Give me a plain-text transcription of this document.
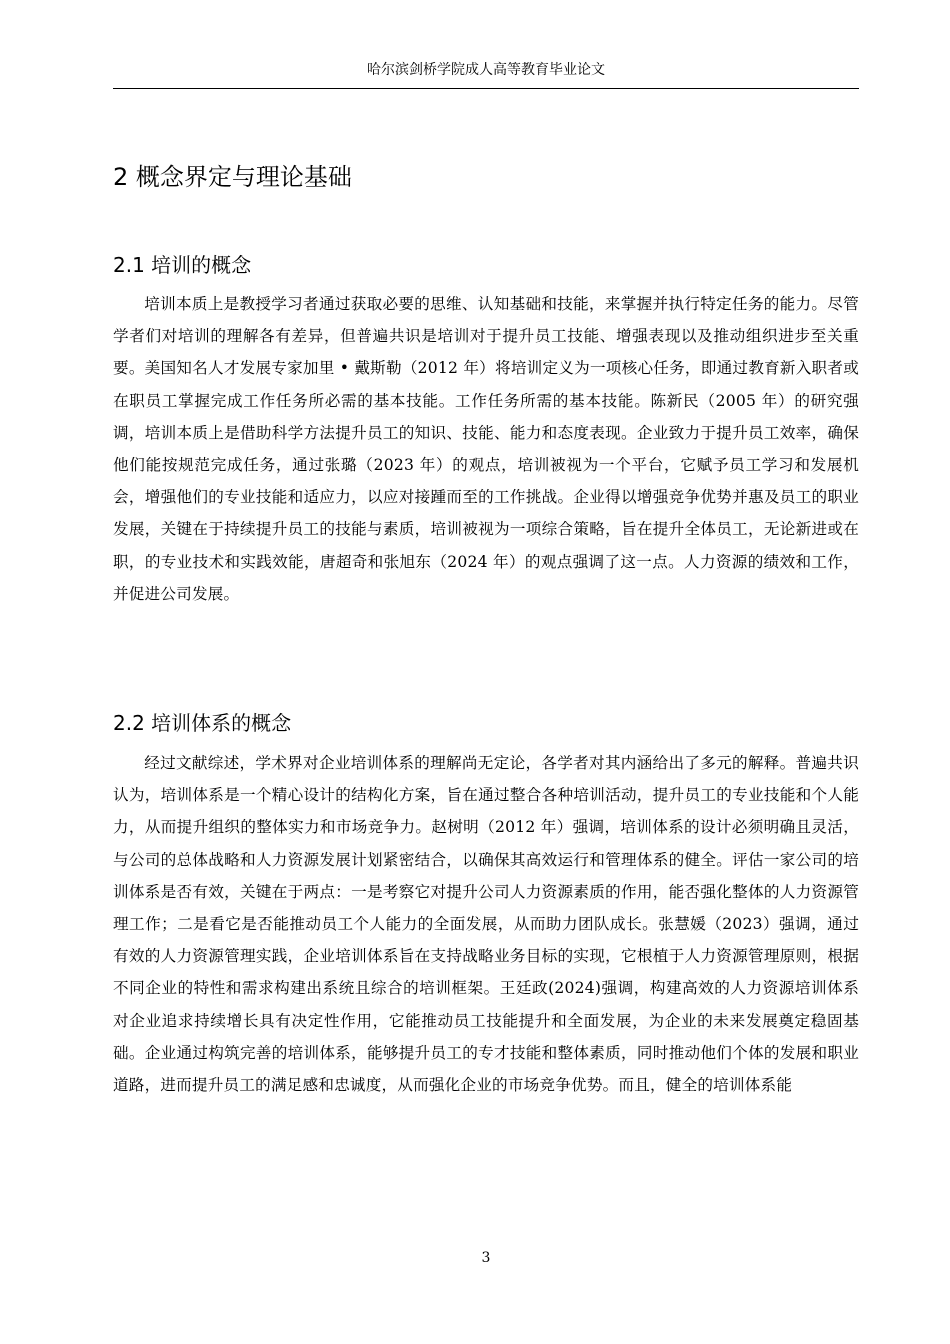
哈尔滨剑桥学院成人高等教育毕业论文
2 概念界定与理论基础
2.1 培训的概念

培训本质上是教授学习者通过获取必要的思维、认知基础和技能，来掌握并执行特定任务的能力。尽管学者们对培训的理解各有差异，但普遍共识是培训对于提升员工技能、增强表现以及推动组织进步至关重要。美国知名人才发展专家加里 • 戴斯勒（2012 年）将培训定义为一项核心任务，即通过教育新入职者或在职员工掌握完成工作任务所必需的基本技能。工作任务所需的基本技能。陈新民（2005 年）的研究强调，培训本质上是借助科学方法提升员工的知识、技能、能力和态度表现。企业致力于提升员工效率，确保他们能按规范完成任务，通过张璐（2023 年）的观点，培训被视为一个平台，它赋予员工学习和发展机会，增强他们的专业技能和适应力，以应对接踵而至的工作挑战。企业得以增强竞争优势并惠及员工的职业发展，关键在于持续提升员工的技能与素质，培训被视为一项综合策略，旨在提升全体员工，无论新进或在职，的专业技术和实践效能，唐超奇和张旭东（2024 年）的观点强调了这一点。人力资源的绩效和工作，并促进公司发展。

2.2 培训体系的概念

经过文献综述，学术界对企业培训体系的理解尚无定论，各学者对其内涵给出了多元的解释。普遍共识认为，培训体系是一个精心设计的结构化方案，旨在通过整合各种培训活动，提升员工的专业技能和个人能力，从而提升组织的整体实力和市场竞争力。赵树明（2012 年）强调，培训体系的设计必须明确且灵活，与公司的总体战略和人力资源发展计划紧密结合，以确保其高效运行和管理体系的健全。评估一家公司的培训体系是否有效，关键在于两点：一是考察它对提升公司人力资源素质的作用，能否强化整体的人力资源管理工作；二是看它是否能推动员工个人能力的全面发展，从而助力团队成长。张慧媛（2023）强调，通过有效的人力资源管理实践，企业培训体系旨在支持战略业务目标的实现，它根植于人力资源管理原则，根据不同企业的特性和需求构建出系统且综合的培训框架。王廷政(2024)强调，构建高效的人力资源培训体系对企业追求持续增长具有决定性作用，它能推动员工技能提升和全面发展，为企业的未来发展奠定稳固基础。企业通过构筑完善的培训体系，能够提升员工的专才技能和整体素质，同时推动他们个体的发展和职业道路，进而提升员工的满足感和忠诚度，从而强化企业的市场竞争优势。而且，健全的培训体系能

3
